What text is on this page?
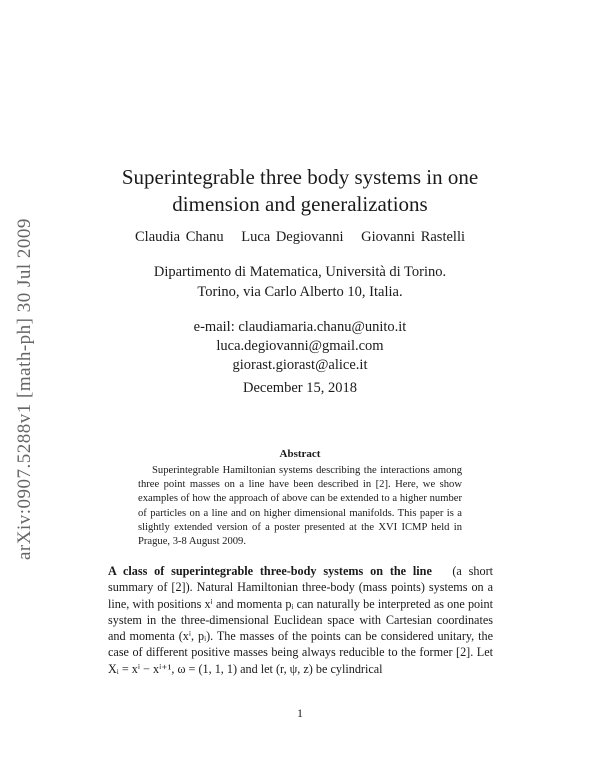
arXiv:0907.5288v1 [math-ph] 30 Jul 2009
Superintegrable three body systems in one
dimension and generalizations
Claudia Chanu Luca Degiovanni Giovanni Rastelli
Dipartimento di Matematica, Università di Torino.
Torino, via Carlo Alberto 10, Italia.
e-mail: claudiamaria.chanu@unito.it
luca.degiovanni@gmail.com
giorast.giorast@alice.it
December 15, 2018
Abstract
Superintegrable Hamiltonian systems describing the interactions among three point masses on a line have been described in [2]. Here, we show examples of how the approach of above can be extended to a higher number of particles on a line and on higher dimensional manifolds. This paper is a slightly extended version of a poster presented at the XVI ICMP held in Prague, 3-8 August 2009.
A class of superintegrable three-body systems on the line (a short summary of [2]). Natural Hamiltonian three-body (mass points) systems on a line, with positions xⁱ and momenta pᵢ can naturally be interpreted as one point system in the three-dimensional Euclidean space with Cartesian coordinates and momenta (xⁱ, pᵢ). The masses of the points can be considered unitary, the case of different positive masses being always reducible to the former [2]. Let Xᵢ = xⁱ − xⁱ⁺¹, ω = (1, 1, 1) and let (r, ψ, z) be cylindrical
1
